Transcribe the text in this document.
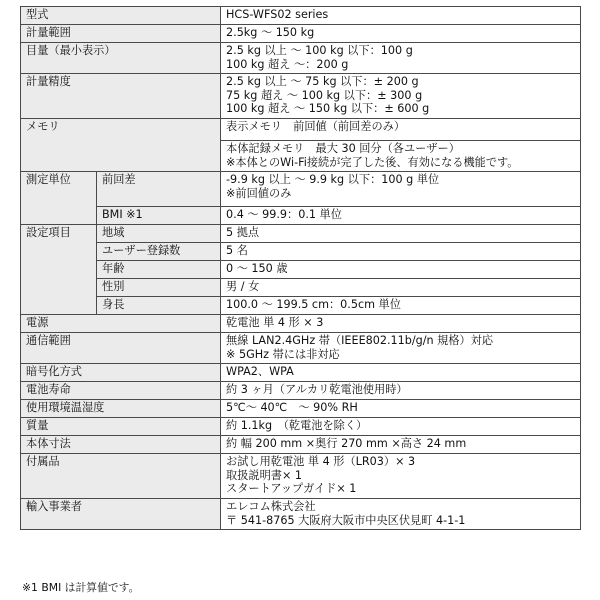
型式		HCS-WFS02 series

計量範囲		2.5kg ～ 150 kg

目量（最小表示）		2.5 kg 以上 ～ 100 kg 以下：100 g
100 kg 超え ～：200 g

計量精度		2.5 kg 以上 ～ 75 kg 以下：± 200 g
75 kg 超え ～ 100 kg 以下：± 300 g
100 kg 超え ～ 150 kg 以下：± 600 g

メモリ		表示メモリ　前回値（前回差のみ）

		本体記録メモリ　最大 30 回分（各ユーザー）
※本体とのWi-Fi接続が完了した後、有効になる機能です。

測定単位	前回差	-9.9 kg 以上 ～ 9.9 kg 以下：100 g 単位
※前回値のみ

	BMI ※1	0.4 ～ 99.9：0.1 単位

設定項目	地域	5 拠点

	ユーザー登録数	5 名

	年齢	0 ～ 150 歳

	性別	男 / 女

	身長	100.0 ～ 199.5 cm：0.5cm 単位

電源		乾電池 単 4 形 × 3

通信範囲		無線 LAN2.4GHz 帯（IEEE802.11b/g/n 規格）対応
※ 5GHz 帯には非対応

暗号化方式		WPA2、WPA

電池寿命		約 3 ヶ月（アルカリ乾電池使用時）

使用環境温湿度		5℃～ 40℃　～ 90% RH

質量		約 1.1kg　（乾電池を除く）

本体寸法		約 幅 200 mm ×奥行 270 mm ×高さ 24 mm

付属品		お試し用乾電池 単 4 形（LR03）× 3
取扱説明書× 1
スタートアップガイド× 1

輸入事業者		エレコム株式会社
〒 541-8765 大阪府大阪市中央区伏見町 4-1-1
※1 BMI は計算値です。
